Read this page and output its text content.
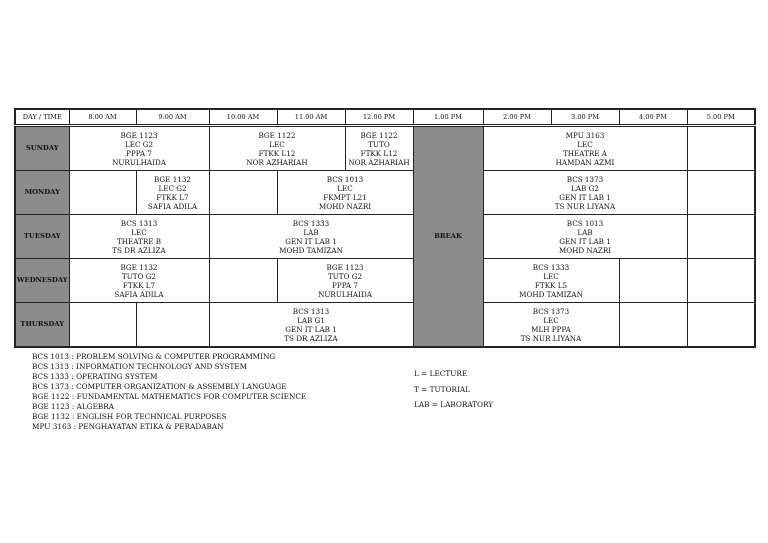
DAY / TIME	8.00 AM	9.00 AM	10.00 AM	11.00 AM	12.00 PM	1.00 PM	2.00 PM	3.00 PM	4.00 PM	5.00 PM
SUNDAY	BGE 1123
LEC G2
PPPA 7
NURULHAIDA		BGE 1122
LEC
FTKK L12
NOR AZHARIAH		BGE 1122
TUTO
FTKK L12
NOR AZHARIAH	BREAK	MPU 3163
LEC
THEATRE A
HAMDAN AZMI			

MONDAY		BGE 1132
LEC G2
FTKK L7
SAFIA ADILA		BCS 1013
LEC
FKMPT L21
MOHD NAZRI			BCS 1373
LAB G2
GEN IT LAB 1
TS NUR LIYANA			

TUESDAY	BCS 1313
LEC
THEATRE B
TS DR AZLIZA		BCS 1333
LAB
GEN IT LAB 1
MOHD TAMIZAN				BCS 1013
LAB
GEN IT LAB 1
MOHD NAZRI			

WEDNESDAY	BGE 1132
TUTO G2
FTKK L7
SAFIA ADILA			BGE 1123
TUTO G2
PPPA 7
NURULHAIDA			BCS 1333
LEC
FTKK L5
MOHD TAMIZAN			

THURSDAY			BCS 1313
LAB G1
GEN IT LAB 1
TS DR AZLIZA				BCS 1373
LEC
MLH PPPA
TS NUR LIYANA			

BCS 1013 : PROBLEM SOLVING & COMPUTER PROGRAMMING
BCS 1313 : INFORMATION TECHNOLOGY AND SYSTEM
BCS 1333 : OPERATING SYSTEM
BCS 1373 : COMPUTER ORGANIZATION & ASSEMBLY LANGUAGE
BGE 1122 : FUNDAMENTAL MATHEMATICS FOR COMPUTER SCIENCE
BGE 1123 : ALGEBRA
BGE 1132 : ENGLISH FOR TECHNICAL PURPOSES
MPU 3163 : PENGHAYATAN ETIKA & PERADABAN
L = LECTURE
T = TUTORIAL
LAB = LABORATORY
